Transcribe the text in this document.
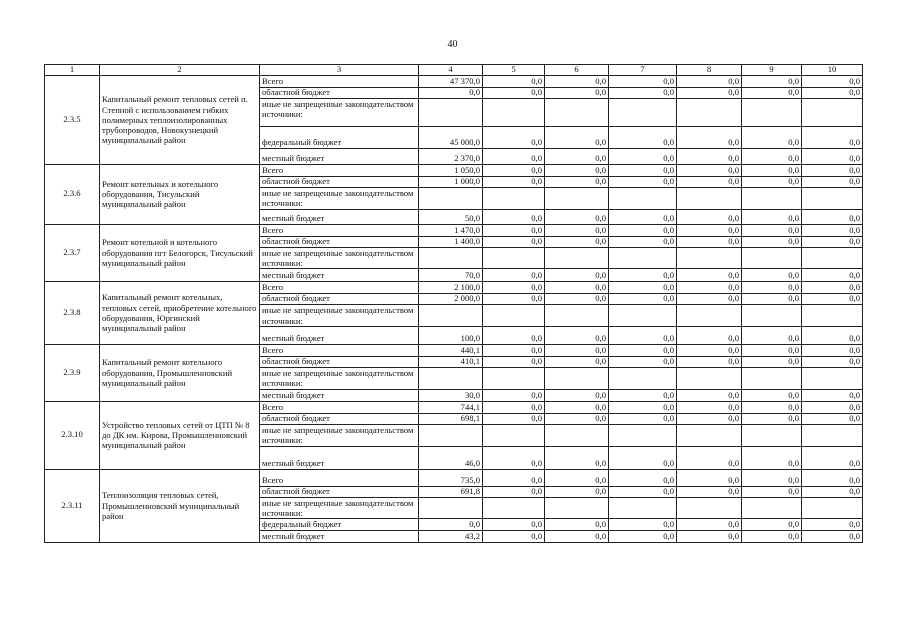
40
1	2	3	4	5	6	7	8	9	10
2.3.5	Капитальный ремонт тепловых сетей п. Степной с использованием гибких полимерных теплоизолированных трубопроводов, Новокузнецкий муниципальный район	Всего	47 370,0	0,0	0,0	0,0	0,0	0,0	0,0
		областной бюджет	0,0	0,0	0,0	0,0	0,0	0,0	0,0
		иные не запрещенные законодательством источники:							
		федеральный бюджет	45 000,0	0,0	0,0	0,0	0,0	0,0	0,0
		местный бюджет	2 370,0	0,0	0,0	0,0	0,0	0,0	0,0
2.3.6	Ремонт котельных и котельного оборудования, Тисульский муниципальный район	Всего	1 050,0	0,0	0,0	0,0	0,0	0,0	0,0
		областной бюджет	1 000,0	0,0	0,0	0,0	0,0	0,0	0,0
		иные не запрещенные законодательством источники:							
		местный бюджет	50,0	0,0	0,0	0,0	0,0	0,0	0,0
2.3.7	Ремонт котельной и котельного оборудования пгт Белогорск, Тисульский муниципальный район	Всего	1 470,0	0,0	0,0	0,0	0,0	0,0	0,0
		областной бюджет	1 400,0	0,0	0,0	0,0	0,0	0,0	0,0
		иные не запрещенные законодательством источники:							
		местный бюджет	70,0	0,0	0,0	0,0	0,0	0,0	0,0
2.3.8	Капитальный ремонт котельных, тепловых сетей, приобретение котельного оборудования, Юргинский муниципальный район	Всего	2 100,0	0,0	0,0	0,0	0,0	0,0	0,0
		областной бюджет	2 000,0	0,0	0,0	0,0	0,0	0,0	0,0
		иные не запрещенные законодательством источники:							
		местный бюджет	100,0	0,0	0,0	0,0	0,0	0,0	0,0
2.3.9	Капитальный ремонт котельного оборудования, Промышленновский муниципальный район	Всего	440,1	0,0	0,0	0,0	0,0	0,0	0,0
		областной бюджет	410,1	0,0	0,0	0,0	0,0	0,0	0,0
		иные не запрещенные законодательством источники:							
		местный бюджет	30,0	0,0	0,0	0,0	0,0	0,0	0,0
2.3.10	Устройство тепловых сетей от ЦТП № 8 до ДК им. Кирова, Промышленновский муниципальный район	Всего	744,1	0,0	0,0	0,0	0,0	0,0	0,0
		областной бюджет	698,1	0,0	0,0	0,0	0,0	0,0	0,0
		иные не запрещенные законодательством источники:							
		местный бюджет	46,0	0,0	0,0	0,0	0,0	0,0	0,0
2.3.11	Теплоизоляция тепловых сетей, Промышленновский муниципальный район	Всего	735,0	0,0	0,0	0,0	0,0	0,0	0,0
		областной бюджет	691,8	0,0	0,0	0,0	0,0	0,0	0,0
		иные не запрещенные законодательством источники:							
		федеральный бюджет	0,0	0,0	0,0	0,0	0,0	0,0	0,0
		местный бюджет	43,2	0,0	0,0	0,0	0,0	0,0	0,0
